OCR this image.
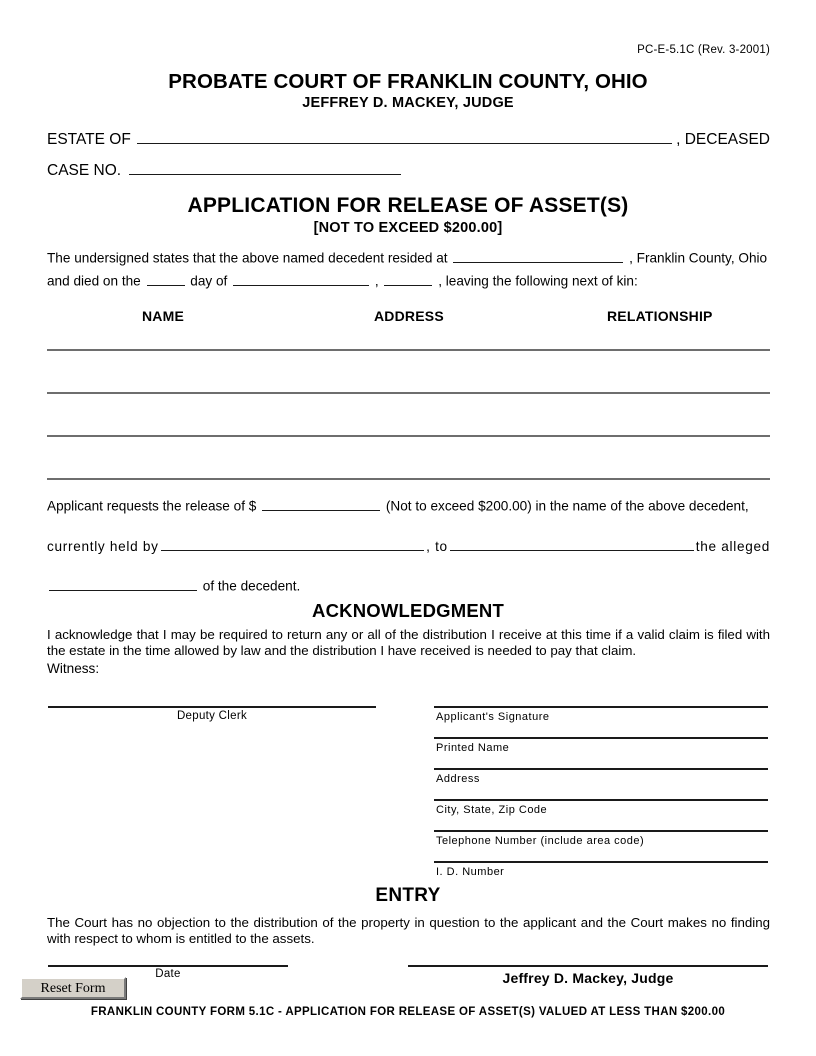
PC-E-5.1C (Rev. 3-2001)
PROBATE COURT OF FRANKLIN COUNTY, OHIO
JEFFREY D. MACKEY, JUDGE
ESTATE OF	, DECEASED
CASE NO.
APPLICATION FOR RELEASE OF ASSET(S)
[NOT TO EXCEED $200.00]
The undersigned states that the above named decedent resided at	, Franklin County, Ohio
and died on the	day of	,	, leaving the following next of kin:
NAME	ADDRESS	RELATIONSHIP
Applicant requests the release of $	(Not to exceed $200.00) in the name of the above decedent,
currently held by	, to	the alleged
of the decedent.
ACKNOWLEDGMENT
I acknowledge that I may be required to return any or all of the distribution I receive at this time if a valid claim is filed with the estate in the time allowed by law and the distribution I have received is needed to pay that claim.
Witness:
Deputy Clerk	Applicant's Signature
Printed Name
Address
City, State, Zip Code
Telephone Number (include area code)
I. D. Number
ENTRY
The Court has no objection to the distribution of the property in question to the applicant and the Court makes no finding with respect to whom is entitled to the assets.
Date	Jeffrey D. Mackey, Judge
Reset Form
FRANKLIN COUNTY FORM 5.1C - APPLICATION FOR RELEASE OF ASSET(S) VALUED AT LESS THAN $200.00
